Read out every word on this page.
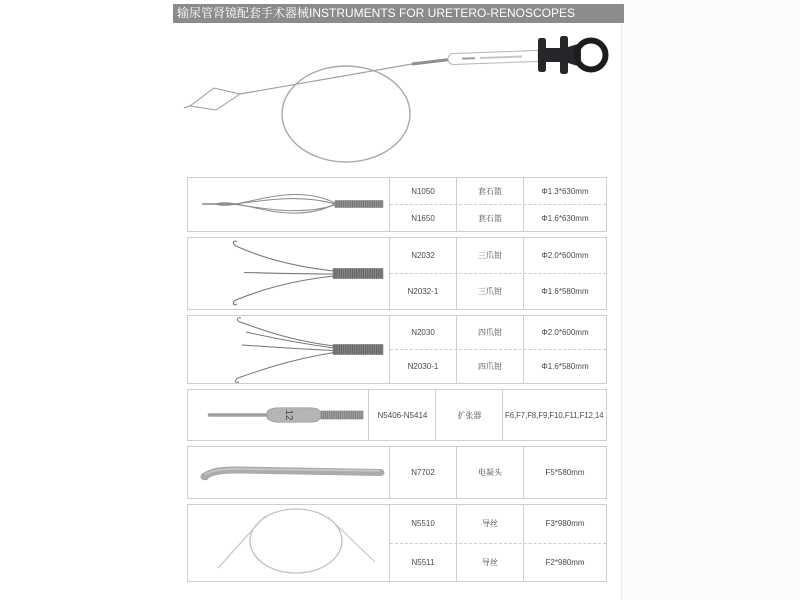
输尿管肾镜配套手术器械INSTRUMENTS FOR URETERO-RENOSCOPES
N1050	套石篮	Φ1.3*630mm
N1650	套石篮	Φ1.6*630mm
N2032	三爪钳	Φ2.0*600mm
N2032-1	三爪钳	Φ1.6*580mm
N2030	四爪钳	Φ2.0*600mm
N2030-1	四爪钳	Φ1.6*580mm
12	N5406-N5414	扩张器	F6,F7,F8,F9,F10,F11,F12,14
N7702	电凝头	F5*580mm
N5510	导丝	F3*980mm
N5511	导丝	F2*980mm
